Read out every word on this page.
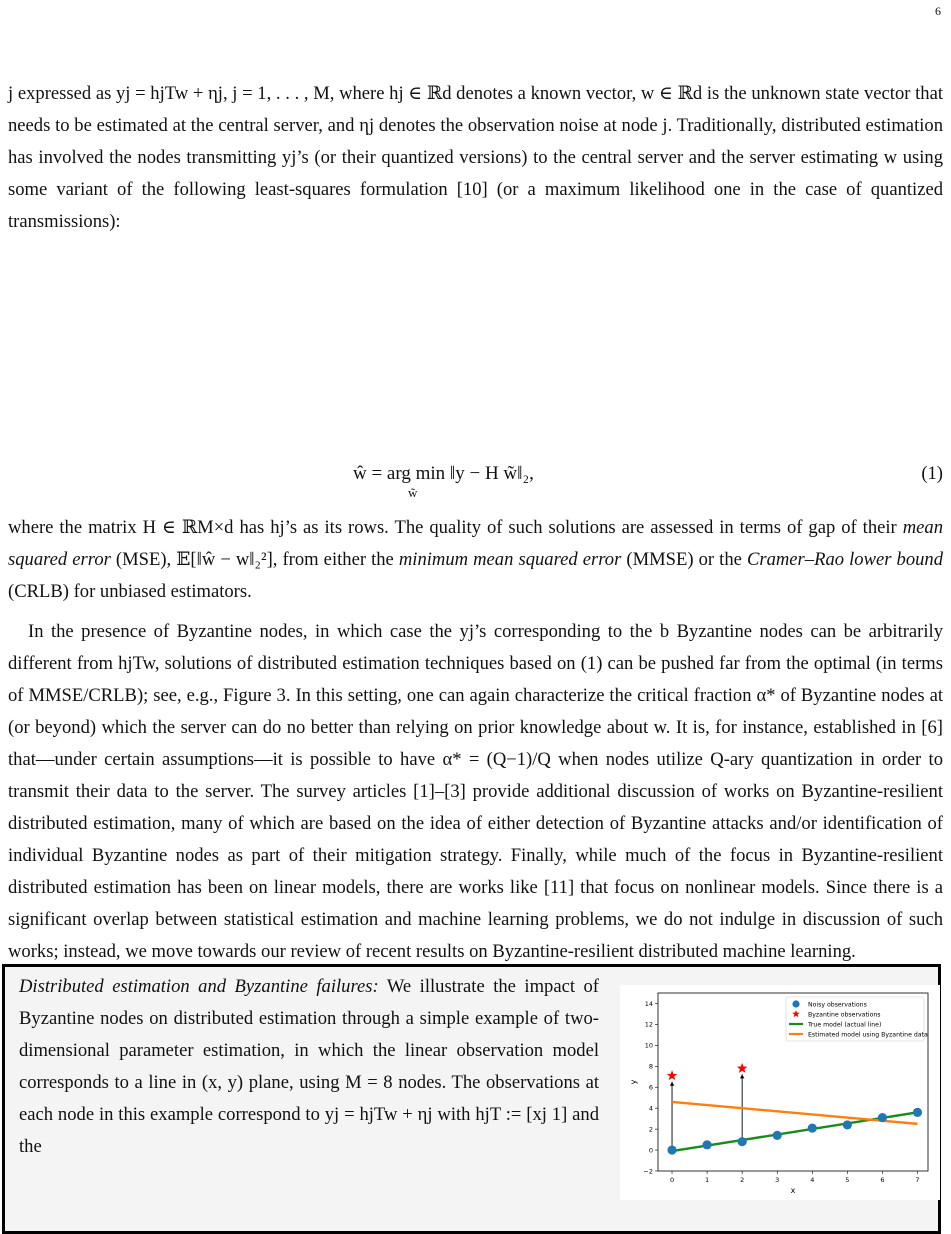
6

j expressed as yj = hjTw + ηj, j = 1, . . . , M, where hj ∈ ℝd denotes a known vector, w ∈ ℝd is the unknown state vector that needs to be estimated at the central server, and ηj denotes the observation noise at node j. Traditionally, distributed estimation has involved the nodes transmitting yj’s (or their quantized versions) to the central server and the server estimating w using some variant of the following least-squares formulation [10] (or a maximum likelihood one in the case of quantized transmissions):

ŵ = arg min ‖y − H w̃‖₂,
w̃
(1)

where the matrix H ∈ ℝM×d has hj’s as its rows. The quality of such solutions are assessed in terms of gap of their mean squared error (MSE), 𝔼[‖ŵ − w‖₂²], from either the minimum mean squared error (MMSE) or the Cramer–Rao lower bound (CRLB) for unbiased estimators.

In the presence of Byzantine nodes, in which case the yj’s corresponding to the b Byzantine nodes can be arbitrarily different from hjTw, solutions of distributed estimation techniques based on (1) can be pushed far from the optimal (in terms of MMSE/CRLB); see, e.g., Figure 3. In this setting, one can again characterize the critical fraction α* of Byzantine nodes at (or beyond) which the server can do no better than relying on prior knowledge about w. It is, for instance, established in [6] that—under certain assumptions—it is possible to have α* = (Q−1)/Q when nodes utilize Q-ary quantization in order to transmit their data to the server. The survey articles [1]–[3] provide additional discussion of works on Byzantine-resilient distributed estimation, many of which are based on the idea of either detection of Byzantine attacks and/or identification of individual Byzantine nodes as part of their mitigation strategy. Finally, while much of the focus in Byzantine-resilient distributed estimation has been on linear models, there are works like [11] that focus on nonlinear models. Since there is a significant overlap between statistical estimation and machine learning problems, we do not indulge in discussion of such works; instead, we move towards our review of recent results on Byzantine-resilient distributed machine learning.

Distributed estimation and Byzantine failures: We illustrate the impact of Byzantine nodes on distributed estimation through a simple example of two-dimensional parameter estimation, in which the linear observation model corresponds to a line in (x, y) plane, using M = 8 nodes. The observations at each node in this example correspond to yj = hjTw + ηj with hjT := [xj 1] and the

0	1	2	3	4	5	6	7
−2
0
2
4
6
8
10
12
14	Noisy observations
Byzantine observations
True model (actual line)
Estimated model using Byzantine data
x
y
